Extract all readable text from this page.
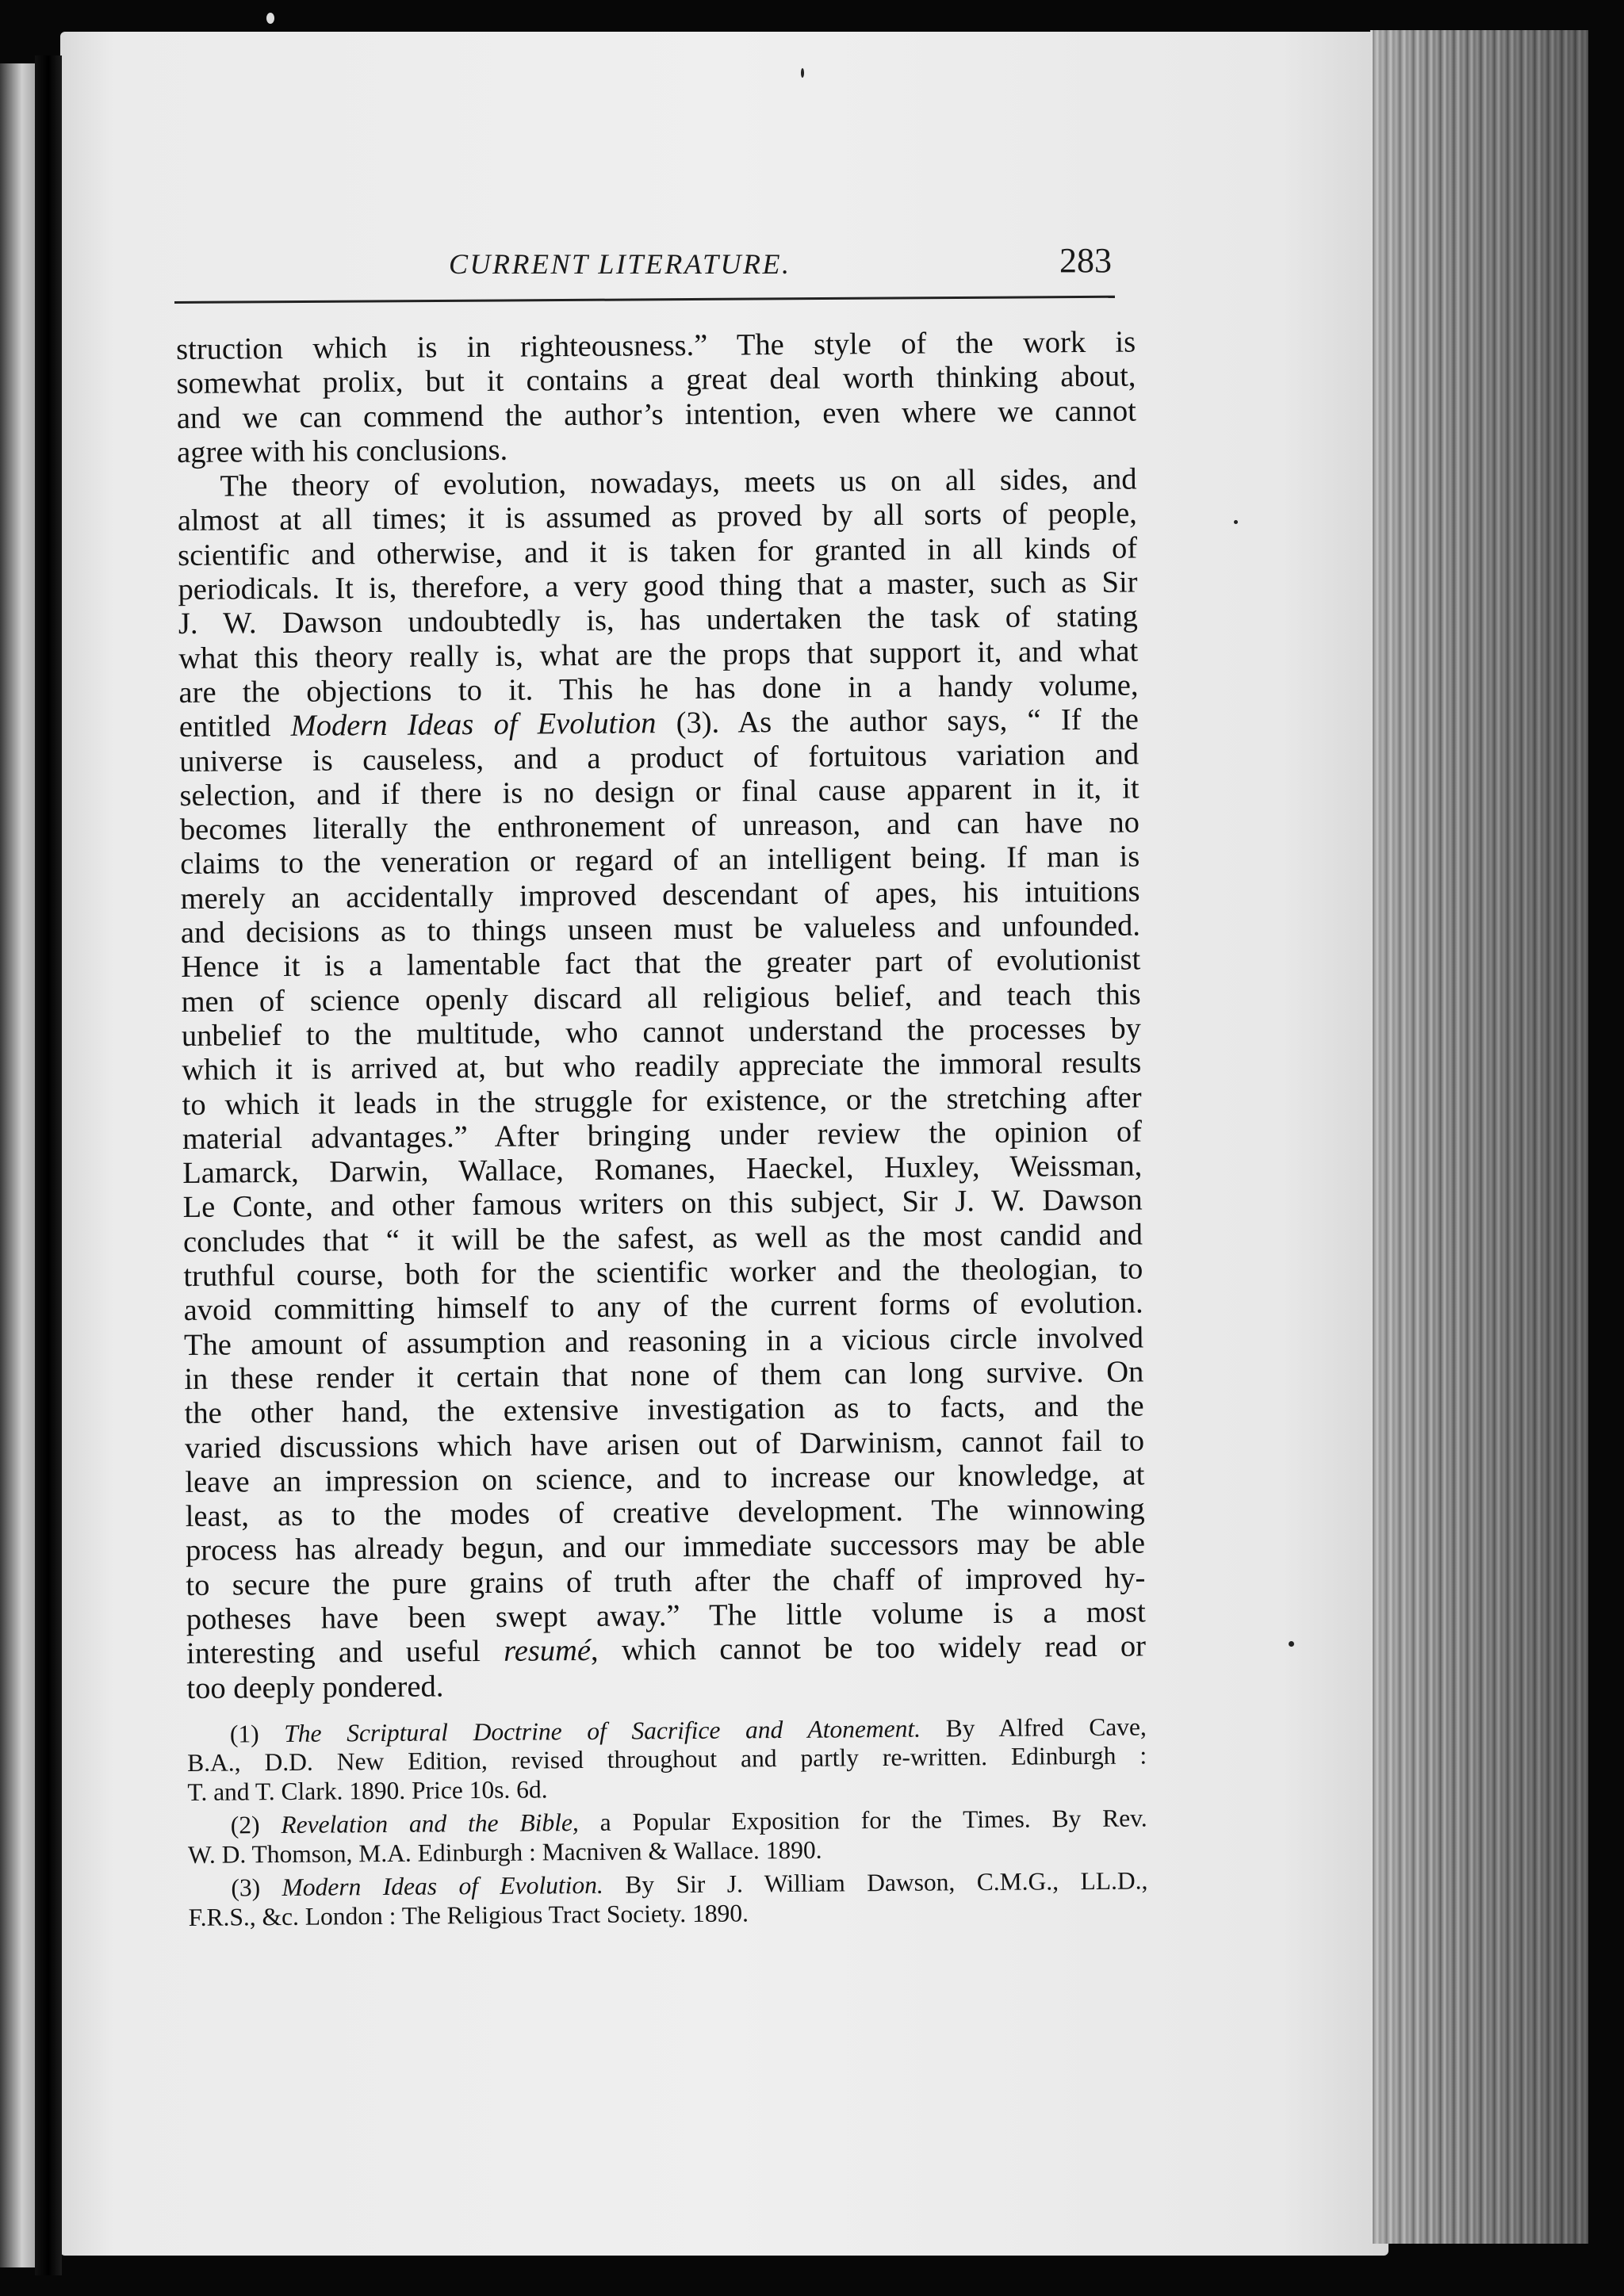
CURRENT LITERATURE.	283
struction which is in righteousness.” The style of the work is
somewhat prolix, but it contains a great deal worth thinking about,
and we can commend the author’s intention, even where we cannot
agree with his conclusions.
The theory of evolution, nowadays, meets us on all sides, and
almost at all times; it is assumed as proved by all sorts of people,
scientific and otherwise, and it is taken for granted in all kinds of
periodicals. It is, therefore, a very good thing that a master, such as Sir
J. W. Dawson undoubtedly is, has undertaken the task of stating
what this theory really is, what are the props that support it, and what
are the objections to it. This he has done in a handy volume,
entitled Modern Ideas of Evolution (3). As the author says, “ If the
universe is causeless, and a product of fortuitous variation and
selection, and if there is no design or final cause apparent in it, it
becomes literally the enthronement of unreason, and can have no
claims to the veneration or regard of an intelligent being. If man is
merely an accidentally improved descendant of apes, his intuitions
and decisions as to things unseen must be valueless and unfounded.
Hence it is a lamentable fact that the greater part of evolutionist
men of science openly discard all religious belief, and teach this
unbelief to the multitude, who cannot understand the processes by
which it is arrived at, but who readily appreciate the immoral results
to which it leads in the struggle for existence, or the stretching after
material advantages.” After bringing under review the opinion of
Lamarck, Darwin, Wallace, Romanes, Haeckel, Huxley, Weissman,
Le Conte, and other famous writers on this subject, Sir J. W. Dawson
concludes that “ it will be the safest, as well as the most candid and
truthful course, both for the scientific worker and the theologian, to
avoid committing himself to any of the current forms of evolution.
The amount of assumption and reasoning in a vicious circle involved
in these render it certain that none of them can long survive. On
the other hand, the extensive investigation as to facts, and the
varied discussions which have arisen out of Darwinism, cannot fail to
leave an impression on science, and to increase our knowledge, at
least, as to the modes of creative development. The winnowing
process has already begun, and our immediate successors may be able
to secure the pure grains of truth after the chaff of improved hy-
potheses have been swept away.” The little volume is a most
interesting and useful resumé, which cannot be too widely read or
too deeply pondered.
(1) The Scriptural Doctrine of Sacrifice and Atonement. By Alfred Cave,
B.A., D.D. New Edition, revised throughout and partly re-written. Edinburgh :
T. and T. Clark. 1890. Price 10s. 6d.
(2) Revelation and the Bible, a Popular Exposition for the Times. By Rev.
W. D. Thomson, M.A. Edinburgh : Macniven & Wallace. 1890.
(3) Modern Ideas of Evolution. By Sir J. William Dawson, C.M.G., LL.D.,
F.R.S., &c. London : The Religious Tract Society. 1890.
